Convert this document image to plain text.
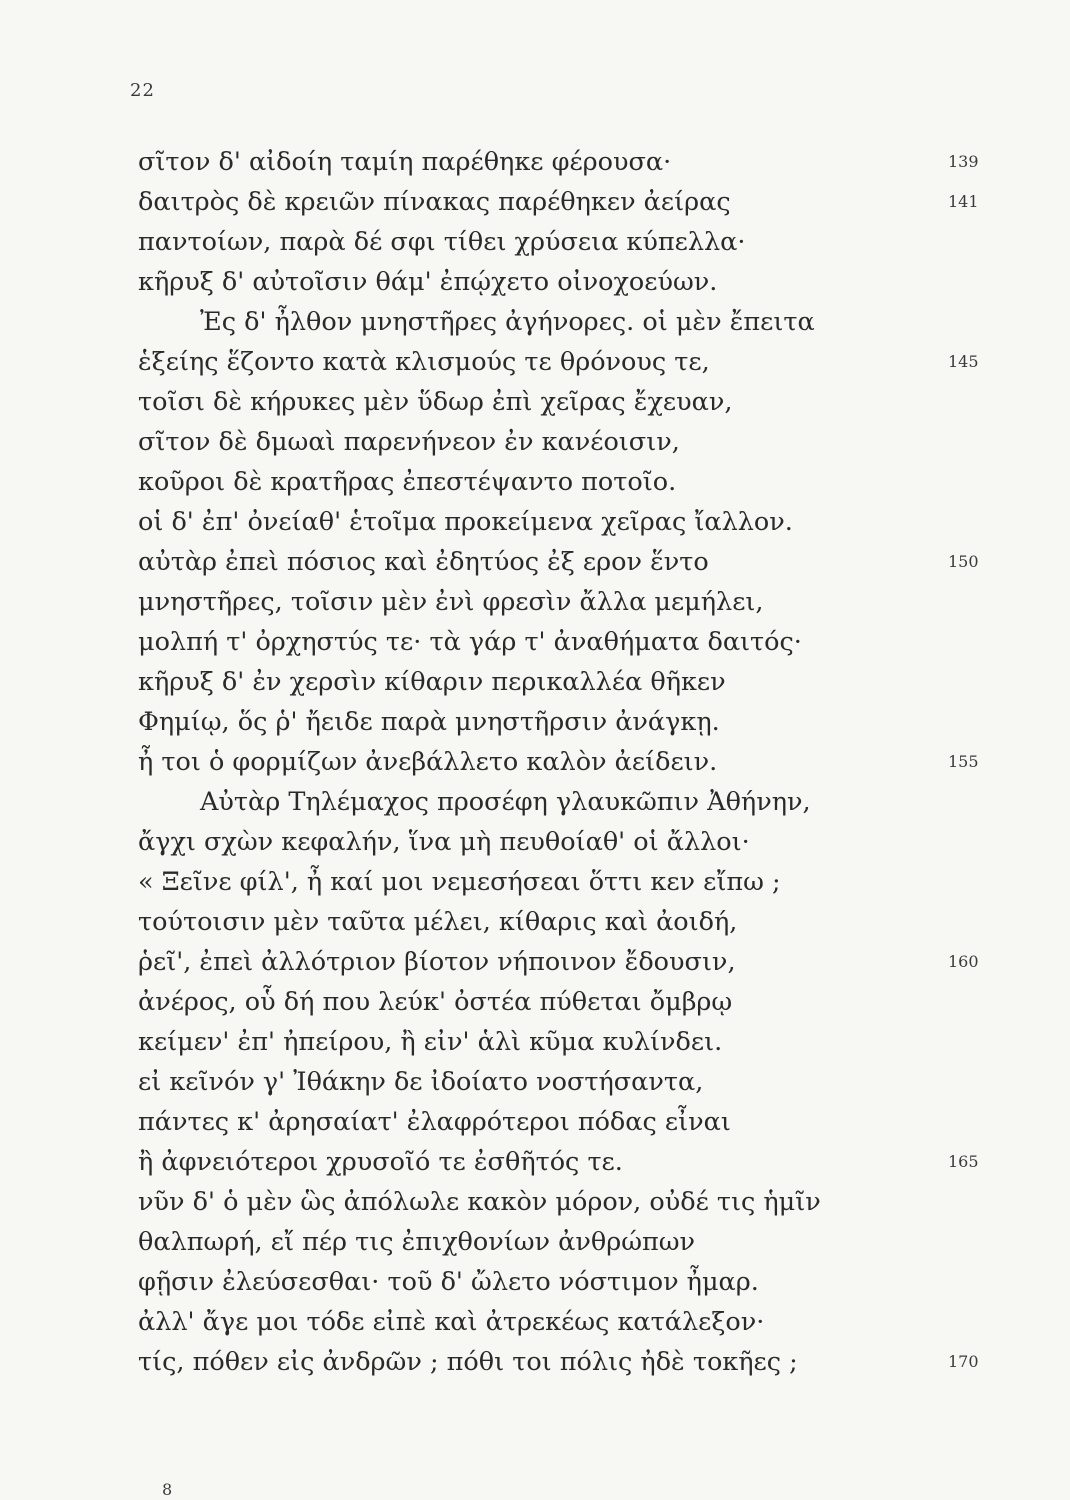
22
σῖτον δ' αἰδοίη ταμίη παρέθηκε φέρουσα·	139
δαιτρὸς δὲ κρειῶν πίνακας παρέθηκεν ἀείρας	141
παντοίων, παρὰ δέ σφι τίθει χρύσεια κύπελλα·
κῆρυξ δ' αὐτοῖσιν θάμ' ἐπῴχετο οἰνοχοεύων.
Ἐς δ' ἦλθον μνηστῆρες ἀγήνορες. οἱ μὲν ἔπειτα
ἑξείης ἕζοντο κατὰ κλισμούς τε θρόνους τε,	145
τοῖσι δὲ κήρυκες μὲν ὕδωρ ἐπὶ χεῖρας ἔχευαν,
σῖτον δὲ δμωαὶ παρενήνεον ἐν κανέοισιν,
κοῦροι δὲ κρατῆρας ἐπεστέψαντο ποτοῖο.
οἱ δ' ἐπ' ὀνείαθ' ἑτοῖμα προκείμενα χεῖρας ἴαλλον.
αὐτὰρ ἐπεὶ πόσιος καὶ ἐδητύος ἐξ ερον ἕντο	150
μνηστῆρες, τοῖσιν μὲν ἐνὶ φρεσὶν ἄλλα μεμήλει,
μολπή τ' ὀρχηστύς τε· τὰ γάρ τ' ἀναθήματα δαιτός·
κῆρυξ δ' ἐν χερσὶν κίθαριν περικαλλέα θῆκεν
Φημίῳ, ὅς ῥ' ἤειδε παρὰ μνηστῆρσιν ἀνάγκῃ.
ἦ τοι ὁ φορμίζων ἀνεβάλλετο καλὸν ἀείδειν.	155
Αὐτὰρ Τηλέμαχος προσέφη γλαυκῶπιν Ἀθήνην,
ἄγχι σχὼν κεφαλήν, ἵνα μὴ πευθοίαθ' οἱ ἄλλοι·
« Ξεῖνε φίλ', ἦ καί μοι νεμεσήσεαι ὅττι κεν εἴπω ;
τούτοισιν μὲν ταῦτα μέλει, κίθαρις καὶ ἀοιδή,
ῥεῖ', ἐπεὶ ἀλλότριον βίοτον νήποινον ἔδουσιν,	160
ἀνέρος, οὗ δή που λεύκ' ὀστέα πύθεται ὄμβρῳ
κείμεν' ἐπ' ἠπείρου, ἢ εἰν' ἁλὶ κῦμα κυλίνδει.
εἰ κεῖνόν γ' Ἰθάκην δε ἰδοίατο νοστήσαντα,
πάντες κ' ἀρησαίατ' ἐλαφρότεροι πόδας εἶναι
ἢ ἀφνειότεροι χρυσοῖό τε ἐσθῆτός τε.	165
νῦν δ' ὁ μὲν ὣς ἀπόλωλε κακὸν μόρον, οὐδέ τις ἡμῖν
θαλπωρή, εἴ πέρ τις ἐπιχθονίων ἀνθρώπων
φῇσιν ἐλεύσεσθαι· τοῦ δ' ὤλετο νόστιμον ἦμαρ.
ἀλλ' ἄγε μοι τόδε εἰπὲ καὶ ἀτρεκέως κατάλεξον·
τίς, πόθεν εἰς ἀνδρῶν ; πόθι τοι πόλις ἠδὲ τοκῆες ;	170
8
